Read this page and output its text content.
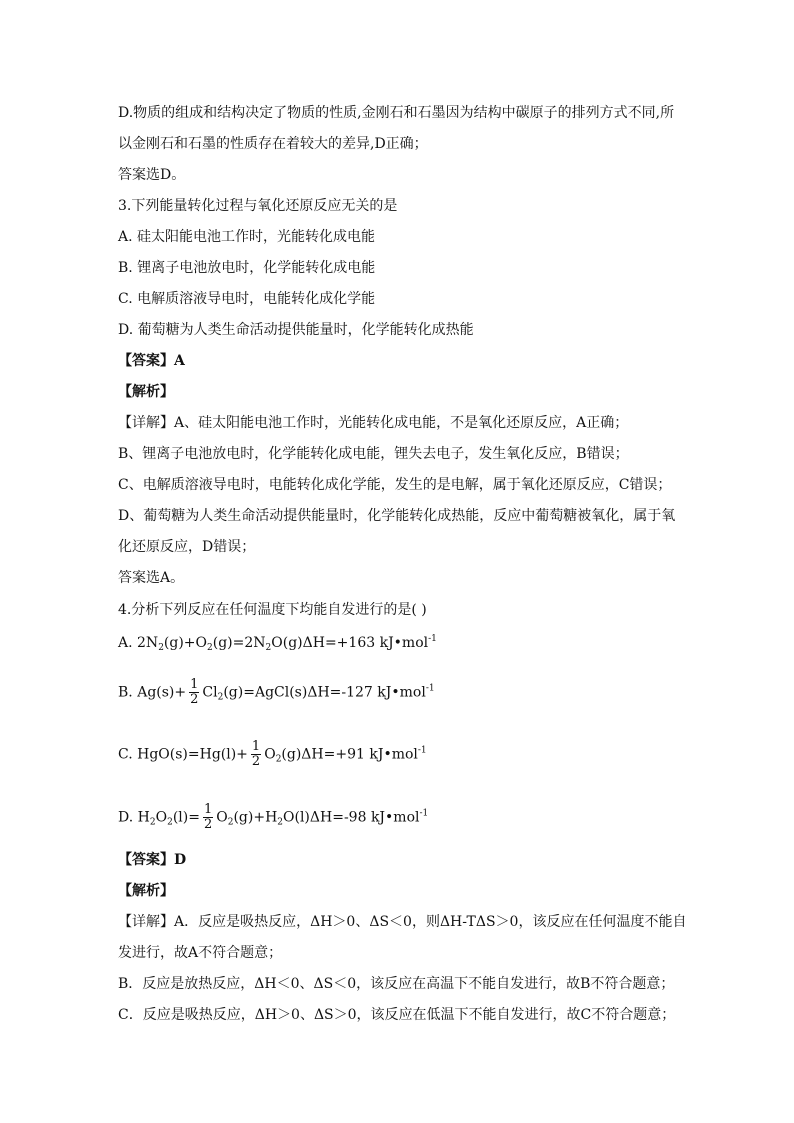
D.物质的组成和结构决定了物质的性质,金刚石和石墨因为结构中碳原子的排列方式不同,所
以金刚石和石墨的性质存在着较大的差异,D正确；
答案选D。
3.下列能量转化过程与氧化还原反应无关的是
A. 硅太阳能电池工作时，光能转化成电能
B. 锂离子电池放电时，化学能转化成电能
C. 电解质溶液导电时，电能转化成化学能
D. 葡萄糖为人类生命活动提供能量时，化学能转化成热能
【答案】A
【解析】
【详解】A、硅太阳能电池工作时，光能转化成电能，不是氧化还原反应，A正确；
B、锂离子电池放电时，化学能转化成电能，锂失去电子，发生氧化反应，B错误；
C、电解质溶液导电时，电能转化成化学能，发生的是电解，属于氧化还原反应，C错误；
D、葡萄糖为人类生命活动提供能量时，化学能转化成热能，反应中葡萄糖被氧化，属于氧
化还原反应，D错误；
答案选A。
4.分析下列反应在任何温度下均能自发进行的是( )
A. $2N_2(g)+O_2(g)=2N_2O(g)\Delta H=+163$ kJ•mol$^{-1}$
B. $Ag(s)+ \frac{1}{2}$ $Cl_2(g)=AgCl(s)\Delta H=-127$ kJ•mol$^{-1}$
C. $HgO(s)=Hg(l)+ \frac{1}{2} O_2(g)\Delta H=+91$ kJ•mol$^{-1}$
D. $H_2O_2(l)= \frac{1}{2} O_2(g)+H_2O(l)\Delta H=-98$ kJ•mol$^{-1}$
【答案】D
【解析】
【详解】A．反应是吸热反应，ΔH＞0、ΔS＜0，则ΔH-TΔS＞0，该反应在任何温度不能自
发进行，故A不符合题意；
B．反应是放热反应，ΔH＜0、ΔS＜0，该反应在高温下不能自发进行，故B不符合题意；
C．反应是吸热反应，ΔH＞0、ΔS＞0，该反应在低温下不能自发进行，故C不符合题意；
